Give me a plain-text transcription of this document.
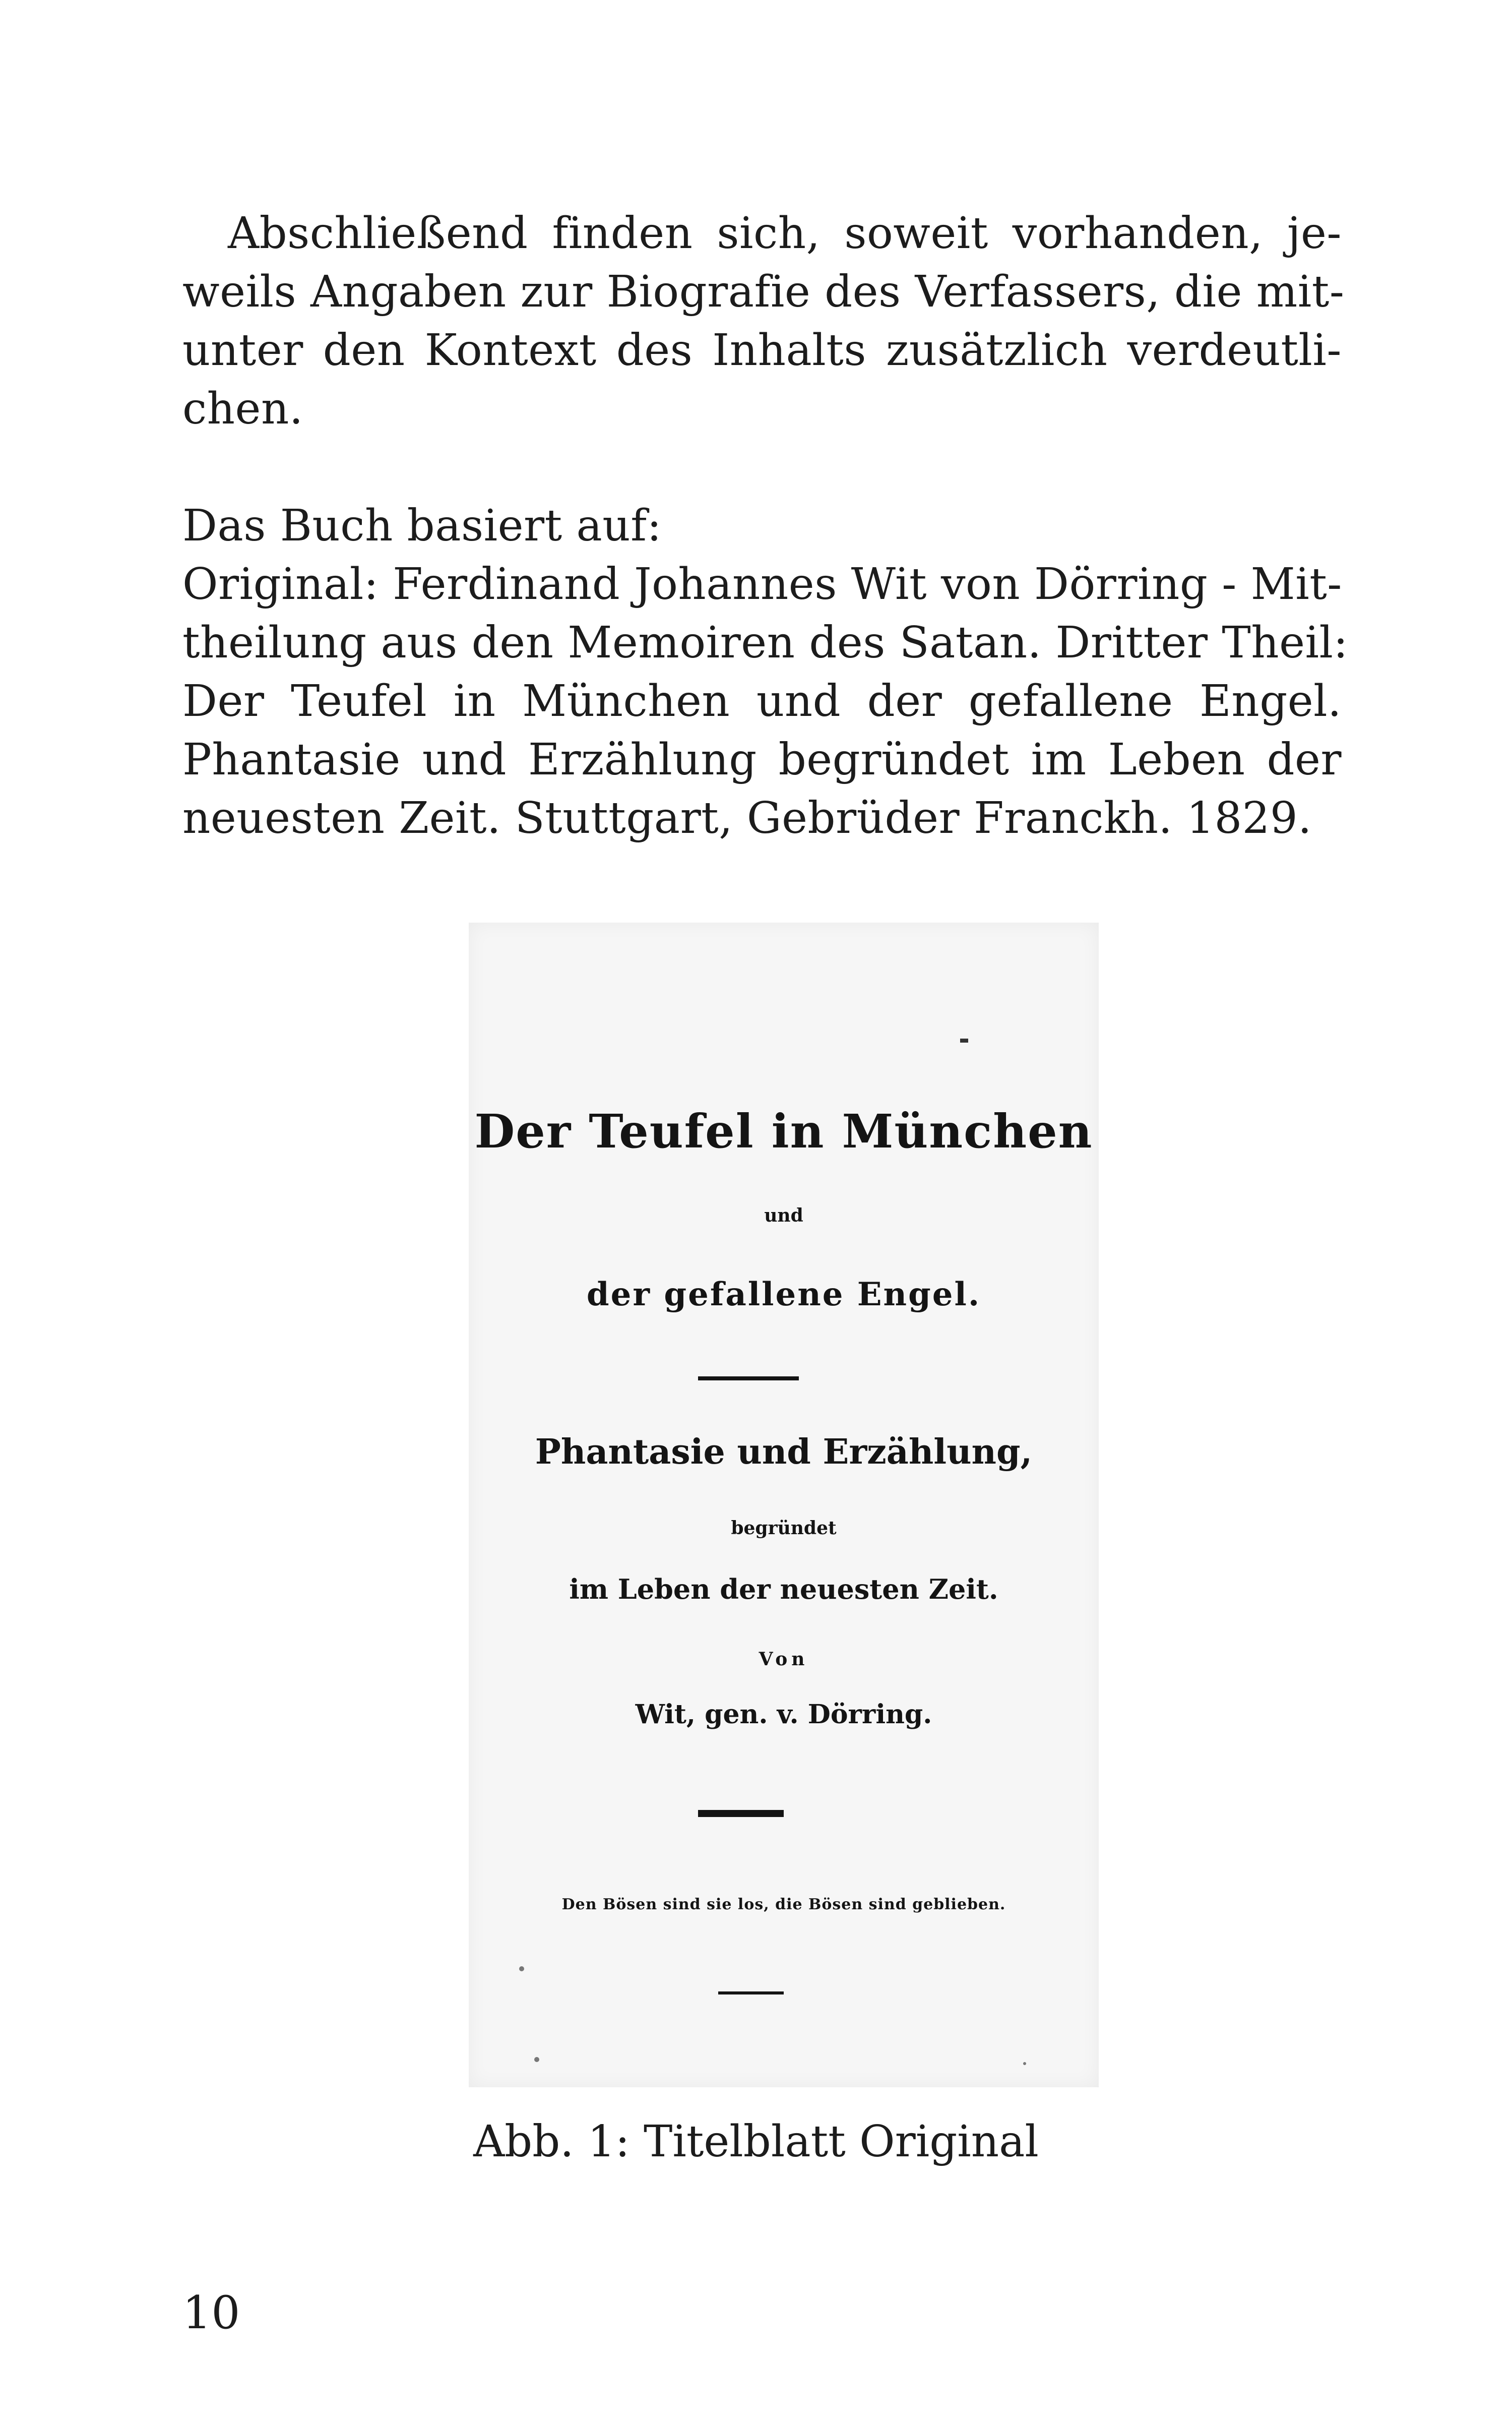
Abschließend finden sich, soweit vorhanden, je-
weils Angaben zur Biografie des Verfassers, die mit-
unter den Kontext des Inhalts zusätzlich verdeutli-
chen.
Das Buch basiert auf:
Original: Ferdinand Johannes Wit von Dörring - Mit-
theilung aus den Memoiren des Satan. Dritter Theil:
Der Teufel in München und der gefallene Engel.
Phantasie und Erzählung begründet im Leben der
neuesten Zeit. Stuttgart, Gebrüder Franckh. 1829.
Der Teufel in München
und
der gefallene Engel.
Phantasie und Erzählung,
begründet
im Leben der neuesten Zeit.
Von
Wit, gen. v. Dörring.
Den Bösen sind sie los, die Bösen sind geblieben.
Abb. 1: Titelblatt Original
10
